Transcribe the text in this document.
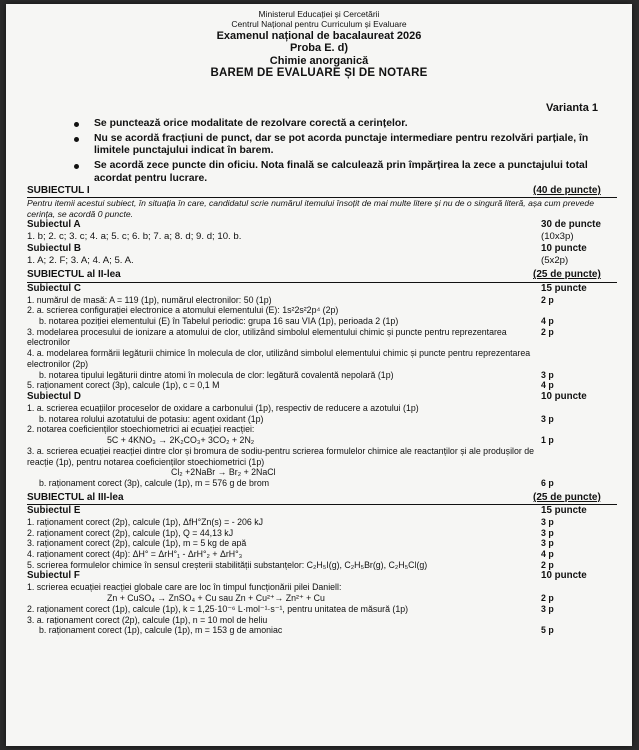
Ministerul Educației și Cercetării
Centrul Național pentru Curriculum și Evaluare
Examenul național de bacalaureat 2026
Proba E. d)
Chimie anorganică
BAREM DE EVALUARE ȘI DE NOTARE
Varianta 1
Se punctează orice modalitate de rezolvare corectă a cerințelor.
Nu se acordă fracțiuni de punct, dar se pot acorda punctaje intermediare pentru rezolvări parțiale, în limitele punctajului indicat în barem.
Se acordă zece puncte din oficiu. Nota finală se calculează prin împărțirea la zece a punctajului total acordat pentru lucrare.
SUBIECTUL I	(40 de puncte)
Pentru itemii acestui subiect, în situația în care, candidatul scrie numărul itemului însoțit de mai multe litere și nu de o singură literă, așa cum prevede cerința, se acordă 0 puncte.
Subiectul A	30 de puncte
1. b; 2. c; 3. c; 4. a; 5. c; 6. b; 7. a; 8. d; 9. d; 10. b.	(10x3p)
Subiectul B	10 puncte
1. A; 2. F; 3. A; 4. A; 5. A.	(5x2p)
SUBIECTUL al II-lea	(25 de puncte)
Subiectul C	15 puncte
1. numărul de masă: A = 119 (1p), numărul electronilor: 50 (1p)	2 p
2. a. scrierea configurației electronice a atomului elementului (E): 1s²2s²2p⁴ (2p)
b. notarea poziției elementului (E) în Tabelul periodic: grupa 16 sau VIA (1p), perioada 2 (1p)	4 p
3. modelarea procesului de ionizare a atomului de clor, utilizând simbolul elementului chimic și puncte pentru reprezentarea electronilor
2 p
4. a. modelarea formării legăturii chimice în molecula de clor, utilizând simbolul elementului chimic și puncte pentru reprezentarea electronilor (2p)
b. notarea tipului legăturii dintre atomi în molecula de clor: legătură covalentă nepolară (1p)	3 p
5. raționament corect (3p), calcule (1p), c = 0,1 M	4 p
Subiectul D	10 puncte
1. a. scrierea ecuațiilor proceselor de oxidare a carbonului (1p), respectiv de reducere a azotului (1p)
b. notarea rolului azotatului de potasiu: agent oxidant (1p)	3 p
2. notarea coeficienților stoechiometrici ai ecuației reacției:
5C + 4KNO₃ → 2K₂CO₃+ 3CO₂ + 2N₂	1 p
3. a. scrierea ecuației reacției dintre clor și bromura de sodiu-pentru scrierea formulelor chimice ale reactanților și ale produșilor de reacție (1p), pentru notarea coeficienților stoechiometrici (1p)
Cl₂ +2NaBr → Br₂ + 2NaCl
b. raționament corect (3p), calcule (1p), m = 576 g de brom	6 p
SUBIECTUL al III-lea	(25 de puncte)
Subiectul E	15 puncte
1. raționament corect (2p), calcule (1p), ΔfH°Zn(s) = - 206 kJ	3 p
2. raționament corect (2p), calcule (1p), Q = 44,13 kJ	3 p
3. raționament corect (2p), calcule (1p), m = 5 kg de apă	3 p
4. raționament corect (4p): ΔH° = ΔrH°₁ - ΔrH°₂ + ΔrH°₃	4 p
5. scrierea formulelor chimice în sensul creșterii stabilității substanțelor: C₂H₅I(g), C₂H₅Br(g), C₂H₅Cl(g)	2 p
Subiectul F	10 puncte
1. scrierea ecuației reacției globale care are loc în timpul funcționării pilei Daniell:
Zn + CuSO₄ → ZnSO₄ + Cu sau Zn + Cu²⁺→ Zn²⁺ + Cu	2 p
2. raționament corect (1p), calcule (1p), k = 1,25·10⁻⁶ L·mol⁻¹·s⁻¹, pentru unitatea de măsură (1p)	3 p
3. a. raționament corect (2p), calcule (1p), n = 10 mol de heliu
b. raționament corect (1p), calcule (1p), m = 153 g de amoniac	5 p
